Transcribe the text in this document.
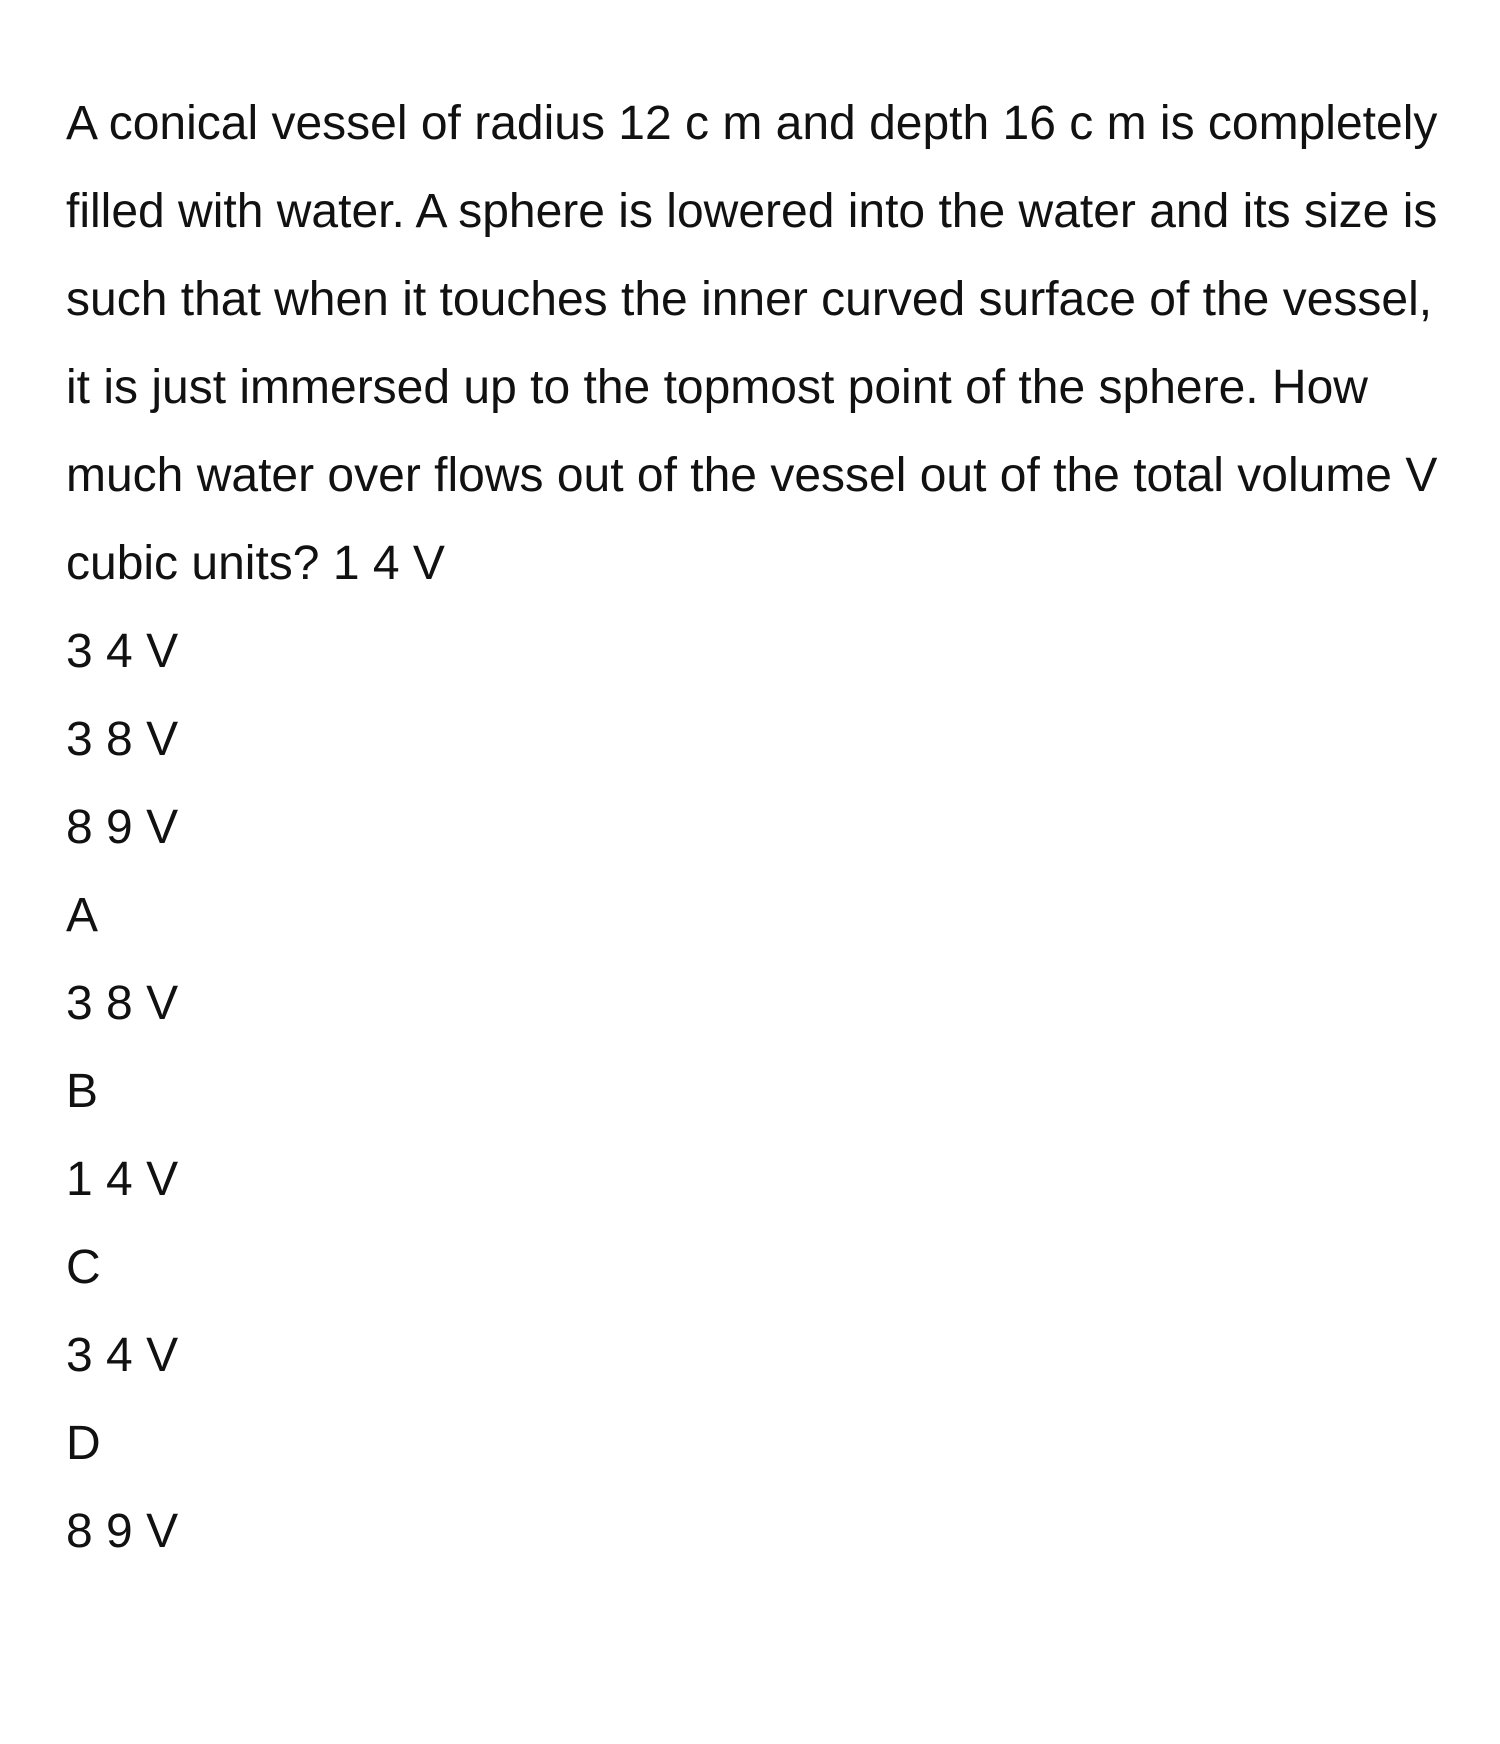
A conical vessel of radius 12 c m and depth 16 c m is completely filled with water. A sphere is lowered into the water and its size is such that when it touches the inner curved surface of the vessel, it is just immersed up to the topmost point of the sphere. How much water over flows out of the vessel out of the total volume V cubic units? 1 4 V

3 4 V
3 8 V
8 9 V
A
3 8 V
B
1 4 V
C
3 4 V
D
8 9 V
